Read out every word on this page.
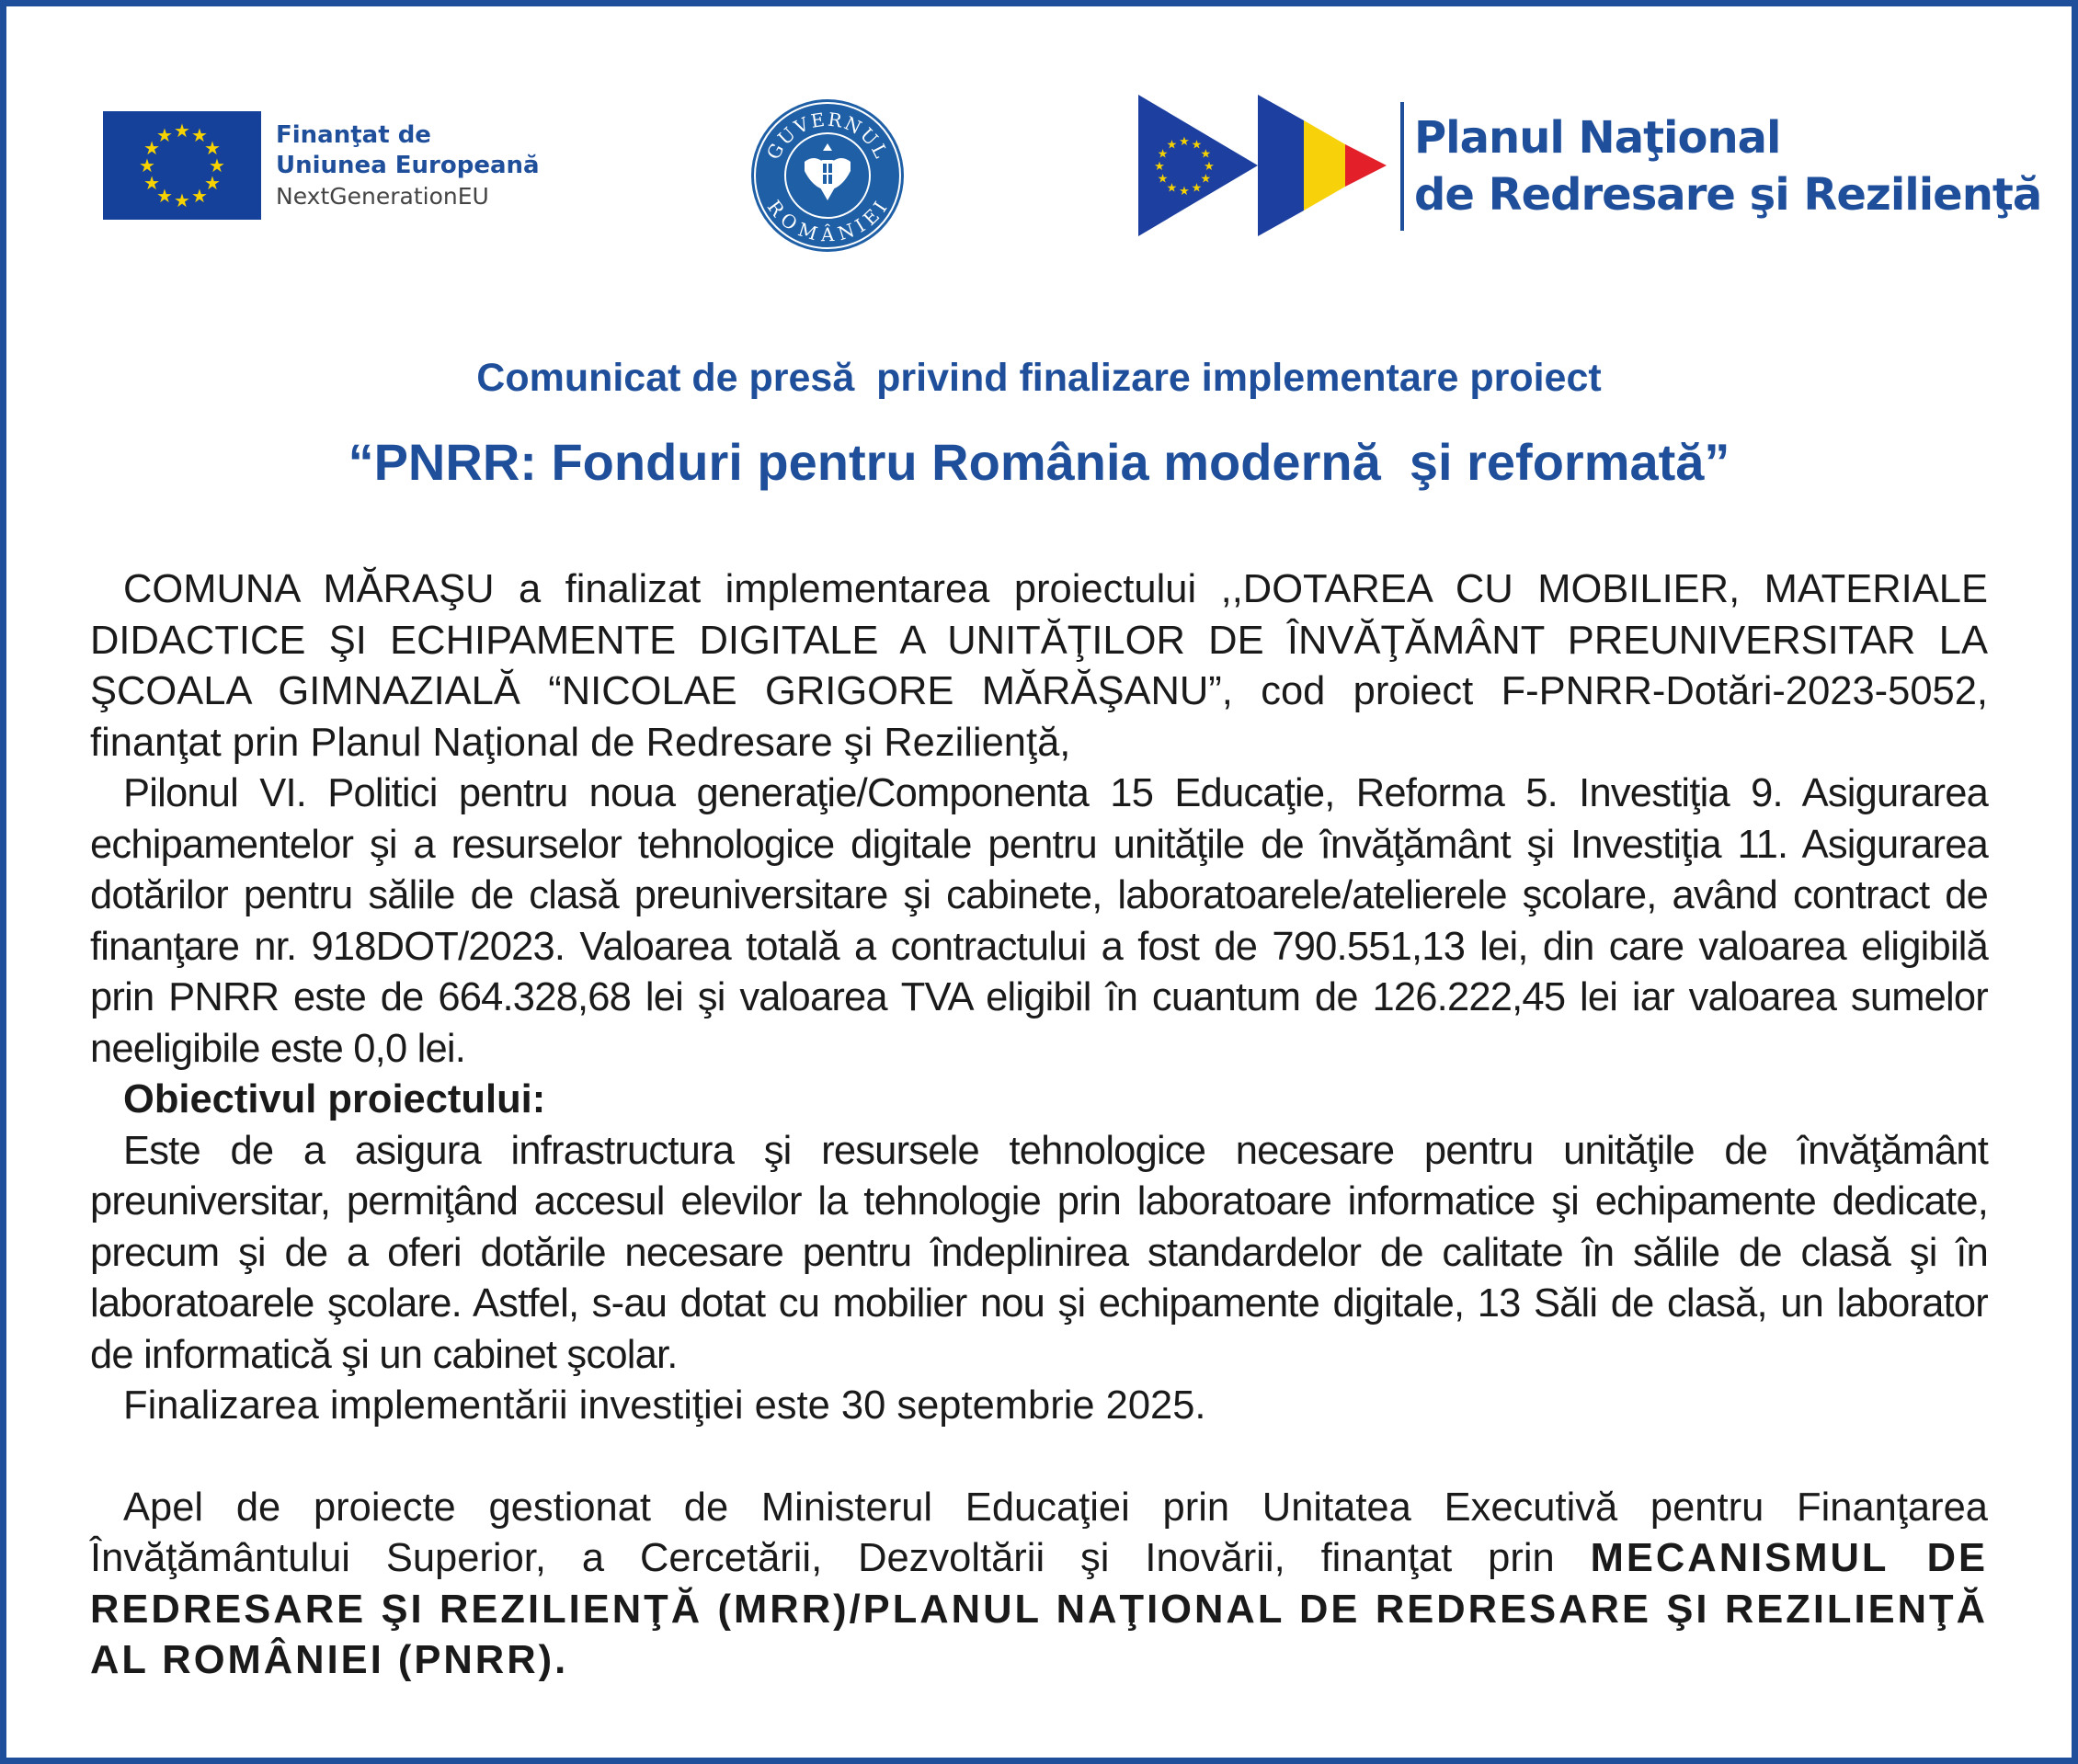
★ ★
★
★
★
★
★
★
★
★
★
★	Finanţat de
Uniunea Europeană
NextGenerationEU
GUVERNUL
ROMÂNIEI
★ ★
★
★
★
★
★
★
★
★
★
★	Planul Naţional
de Redresare şi Rezilienţă
Comunicat de presă  privind finalizare implementare proiect
“PNRR: Fonduri pentru România modernă  şi reformată”

COMUNA MĂRAŞU a finalizat implementarea proiectului ,,DOTAREA CU MOBILIER, MATERIALE DIDACTICE ŞI ECHIPAMENTE DIGITALE A UNITĂŢILOR DE ÎNVĂŢĂMÂNT PREUNIVERSITAR LA ŞCOALA GIMNAZIALĂ “NICOLAE GRIGORE MĂRĂŞANU”, cod proiect F-PNRR-Dotări-2023-5052, finanţat prin Planul Naţional de Redresare şi Rezilienţă,

Pilonul VI. Politici pentru noua generaţie/Componenta 15 Educaţie, Reforma 5. Investiţia 9. Asigurarea echipamentelor şi a resurselor tehnologice digitale pentru unităţile de învăţământ şi Investiţia 11. Asigurarea dotărilor pentru sălile de clasă preuniversitare şi cabinete, laboratoarele/atelierele şcolare, având contract de finanţare nr. 918DOT/2023. Valoarea totală a contractului a fost de 790.551,13 lei, din care valoarea eligibilă prin PNRR este de 664.328,68 lei şi valoarea TVA eligibil în cuantum de 126.222,45 lei iar valoarea sumelor neeligibile este 0,0 lei.

Obiectivul proiectului:

Este de a asigura infrastructura şi resursele tehnologice necesare pentru unităţile de învăţământ preuniversitar, permiţând accesul elevilor la tehnologie prin laboratoare informatice şi echipamente dedicate, precum şi de a oferi dotările necesare pentru îndeplinirea standardelor de calitate în sălile de clasă şi în laboratoarele şcolare. Astfel, s-au dotat cu mobilier nou şi echipamente digitale, 13 Săli de clasă, un laborator de informatică şi un cabinet şcolar.

Finalizarea implementării investiţiei este 30 septembrie 2025.

Apel de proiecte gestionat de Ministerul Educaţiei prin Unitatea Executivă pentru Finanţarea Învăţământului Superior, a Cercetării, Dezvoltării şi Inovării, finanţat prin MECANISMUL DE REDRESARE ŞI REZILIENŢĂ (MRR)/PLANUL NAŢIONAL DE REDRESARE ŞI REZILIENŢĂ AL ROMÂNIEI (PNRR).
